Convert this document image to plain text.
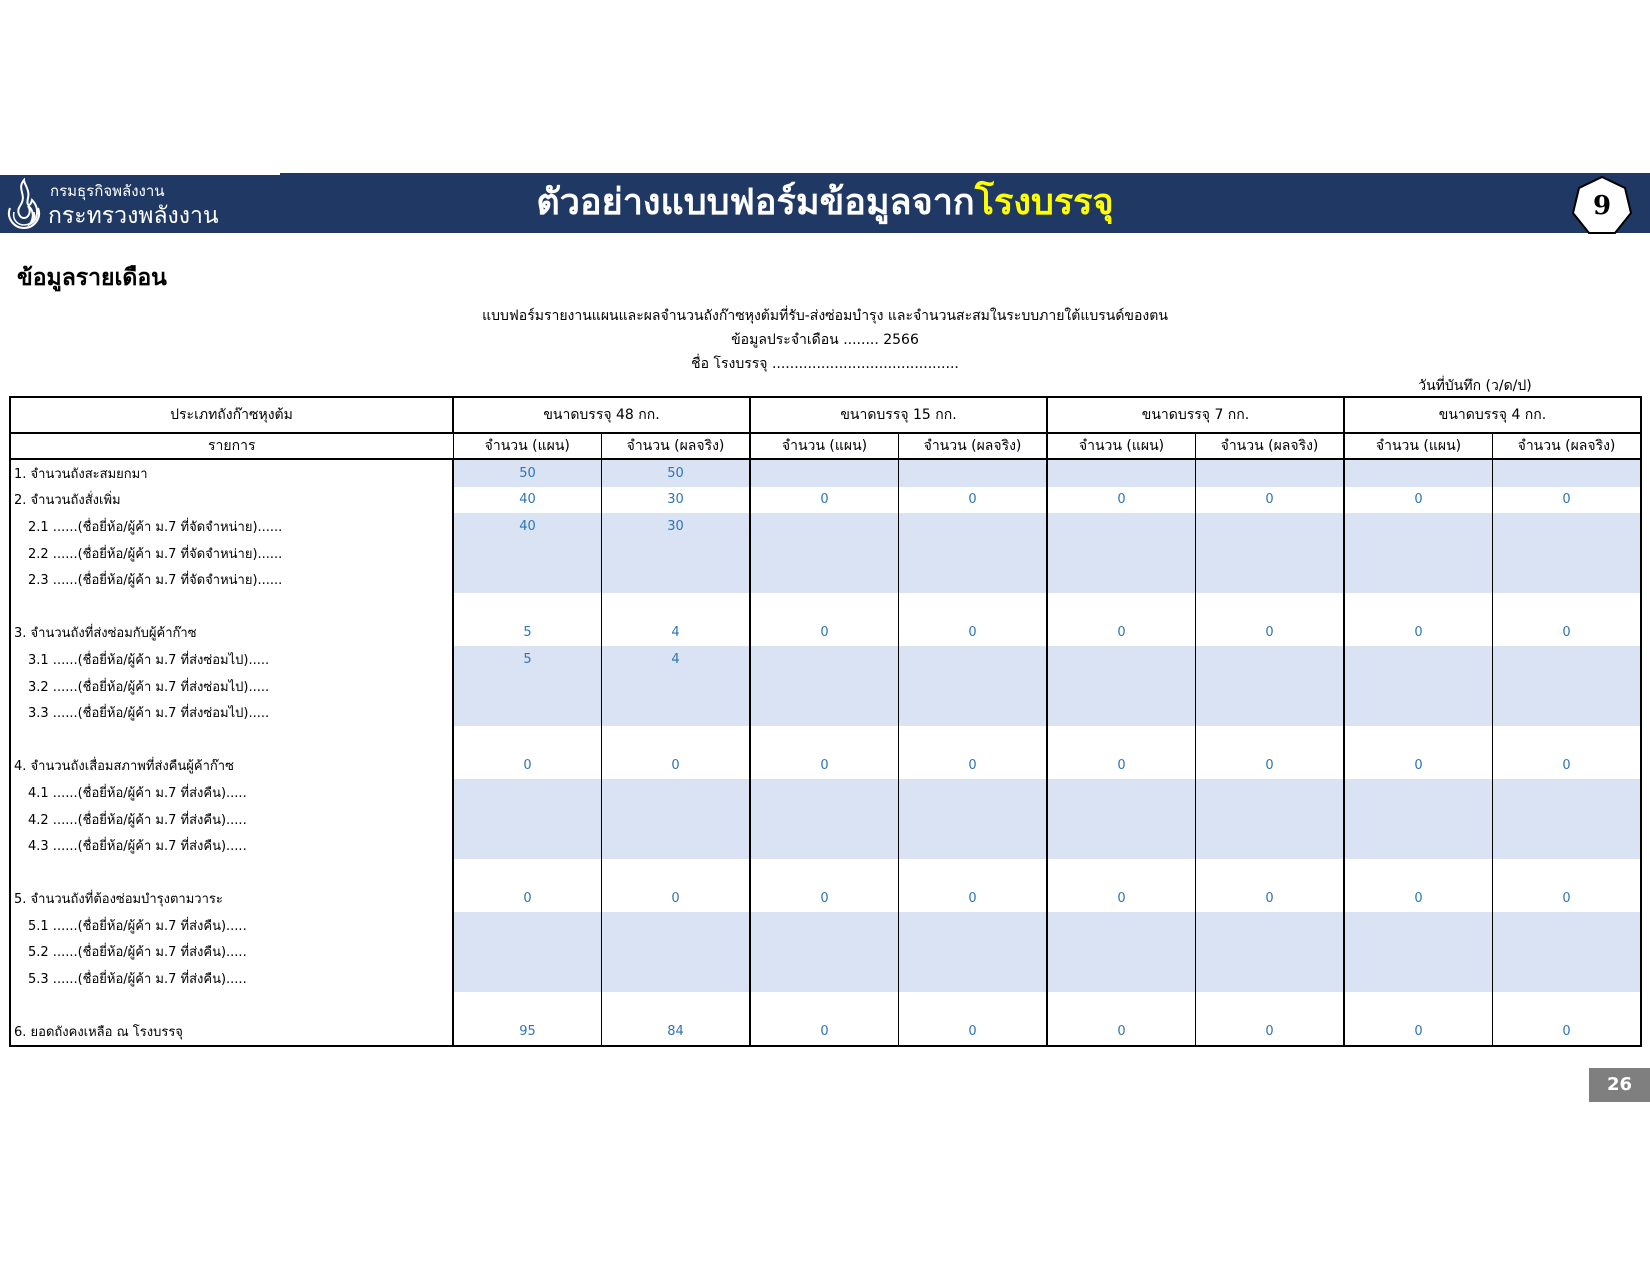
กรมธุรกิจพลังงาน
กระทรวงพลังงาน	ตัวอย่างแบบฟอร์มข้อมูลจากโรงบรรจุ	9
ข้อมูลรายเดือน
แบบฟอร์มรายงานแผนและผลจำนวนถังก๊าซหุงต้มที่รับ-ส่งซ่อมบำรุง และจำนวนสะสมในระบบภายใต้แบรนด์ของตน
ข้อมูลประจำเดือน ........ 2566
ชื่อ โรงบรรจุ ..........................................
วันที่บันทึก (ว/ด/ป)
ประเภทถังก๊าซหุงต้ม	ขนาดบรรจุ 48 กก.		ขนาดบรรจุ 15 กก.		ขนาดบรรจุ 7 กก.		ขนาดบรรจุ 4 กก.	
รายการ	จำนวน (แผน)	จำนวน (ผลจริง)	จำนวน (แผน)	จำนวน (ผลจริง)	จำนวน (แผน)	จำนวน (ผลจริง)	จำนวน (แผน)	จำนวน (ผลจริง)
1. จำนวนถังสะสมยกมา	50	50						
2. จำนวนถังสั่งเพิ่ม	40	30	0	0	0	0	0	0
2.1 ......(ชื่อยี่ห้อ/ผู้ค้า ม.7 ที่จัดจำหน่าย)......	40	30						
2.2 ......(ชื่อยี่ห้อ/ผู้ค้า ม.7 ที่จัดจำหน่าย)......								
2.3 ......(ชื่อยี่ห้อ/ผู้ค้า ม.7 ที่จัดจำหน่าย)......								

3. จำนวนถังที่ส่งซ่อมกับผู้ค้าก๊าซ	5	4	0	0	0	0	0	0
3.1 ......(ชื่อยี่ห้อ/ผู้ค้า ม.7 ที่ส่งซ่อมไป).....	5	4						
3.2 ......(ชื่อยี่ห้อ/ผู้ค้า ม.7 ที่ส่งซ่อมไป).....								
3.3 ......(ชื่อยี่ห้อ/ผู้ค้า ม.7 ที่ส่งซ่อมไป).....								

4. จำนวนถังเสื่อมสภาพที่ส่งคืนผู้ค้าก๊าซ	0	0	0	0	0	0	0	0
4.1 ......(ชื่อยี่ห้อ/ผู้ค้า ม.7 ที่ส่งคืน).....								
4.2 ......(ชื่อยี่ห้อ/ผู้ค้า ม.7 ที่ส่งคืน).....								
4.3 ......(ชื่อยี่ห้อ/ผู้ค้า ม.7 ที่ส่งคืน).....								

5. จำนวนถังที่ต้องซ่อมบำรุงตามวาระ	0	0	0	0	0	0	0	0
5.1 ......(ชื่อยี่ห้อ/ผู้ค้า ม.7 ที่ส่งคืน).....								
5.2 ......(ชื่อยี่ห้อ/ผู้ค้า ม.7 ที่ส่งคืน).....								
5.3 ......(ชื่อยี่ห้อ/ผู้ค้า ม.7 ที่ส่งคืน).....								

6. ยอดถังคงเหลือ ณ โรงบรรจุ	95	84	0	0	0	0	0	0
26
